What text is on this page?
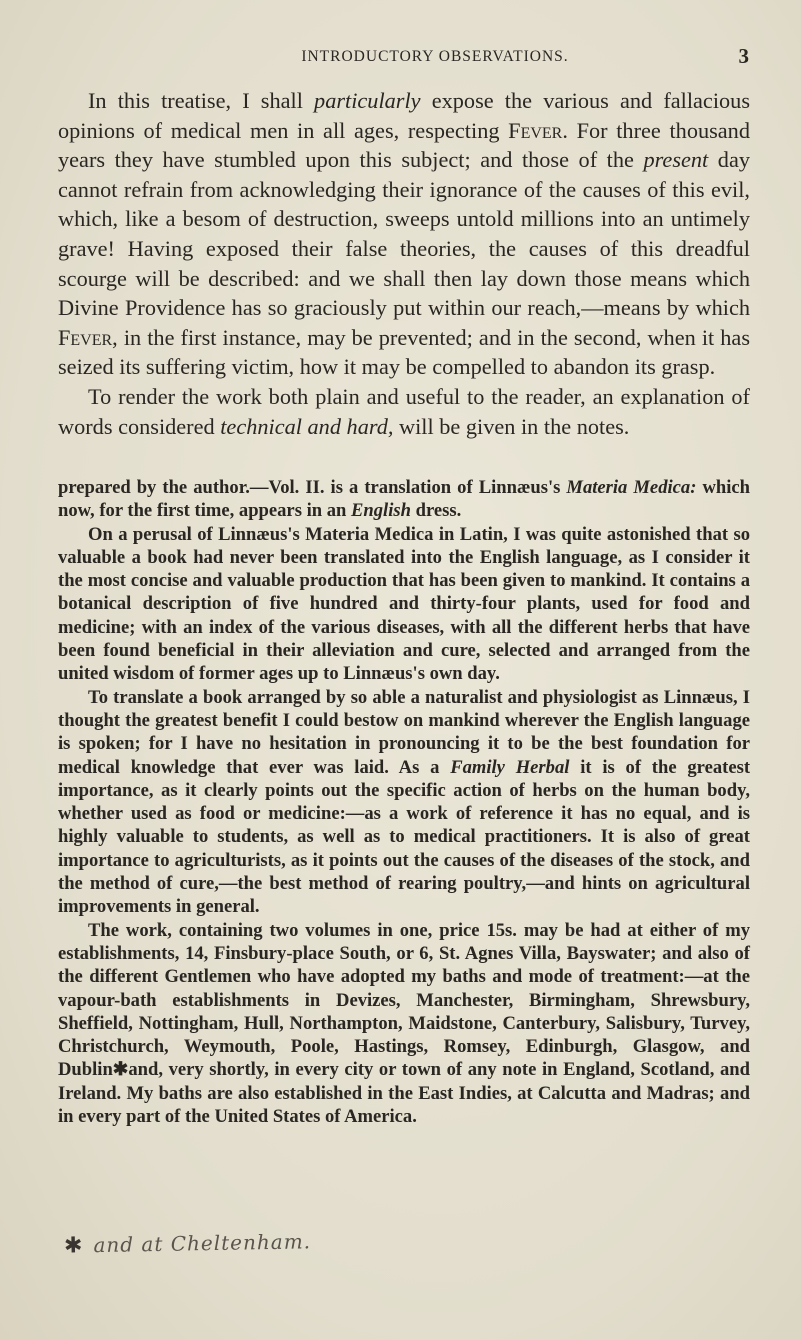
INTRODUCTORY OBSERVATIONS.	3

In this treatise, I shall particularly expose the various and fallacious opinions of medical men in all ages, respecting Fever. For three thousand years they have stumbled upon this subject; and those of the present day cannot refrain from acknowledging their ignorance of the causes of this evil, which, like a besom of destruction, sweeps untold millions into an untimely grave! Having exposed their false theories, the causes of this dreadful scourge will be described: and we shall then lay down those means which Divine Providence has so graciously put within our reach,—means by which Fever, in the first instance, may be prevented; and in the second, when it has seized its suffering victim, how it may be compelled to abandon its grasp.

To render the work both plain and useful to the reader, an explanation of words considered technical and hard, will be given in the notes.

prepared by the author.—Vol. II. is a translation of Linnæus's Materia Medica: which now, for the first time, appears in an English dress.

On a perusal of Linnæus's Materia Medica in Latin, I was quite astonished that so valuable a book had never been translated into the English language, as I consider it the most concise and valuable production that has been given to mankind. It contains a botanical description of five hundred and thirty-four plants, used for food and medicine; with an index of the various diseases, with all the different herbs that have been found beneficial in their alleviation and cure, selected and arranged from the united wisdom of former ages up to Linnæus's own day.

To translate a book arranged by so able a naturalist and physiologist as Linnæus, I thought the greatest benefit I could bestow on mankind wherever the English language is spoken; for I have no hesitation in pronouncing it to be the best foundation for medical knowledge that ever was laid. As a Family Herbal it is of the greatest importance, as it clearly points out the specific action of herbs on the human body, whether used as food or medicine:—as a work of reference it has no equal, and is highly valuable to students, as well as to medical practitioners. It is also of great importance to agriculturists, as it points out the causes of the diseases of the stock, and the method of cure,—the best method of rearing poultry,—and hints on agricultural improvements in general.

The work, containing two volumes in one, price 15s. may be had at either of my establishments, 14, Finsbury-place South, or 6, St. Agnes Villa, Bayswater; and also of the different Gentlemen who have adopted my baths and mode of treatment:—at the vapour-bath establishments in Devizes, Manchester, Birmingham, Shrewsbury, Sheffield, Nottingham, Hull, Northampton, Maidstone, Canterbury, Salisbury, Turvey, Christchurch, Weymouth, Poole, Hastings, Romsey, Edinburgh, Glasgow, and Dublin✱and, very shortly, in every city or town of any note in England, Scotland, and Ireland. My baths are also established in the East Indies, at Calcutta and Madras; and in every part of the United States of America.

✱ and at Cheltenham.
